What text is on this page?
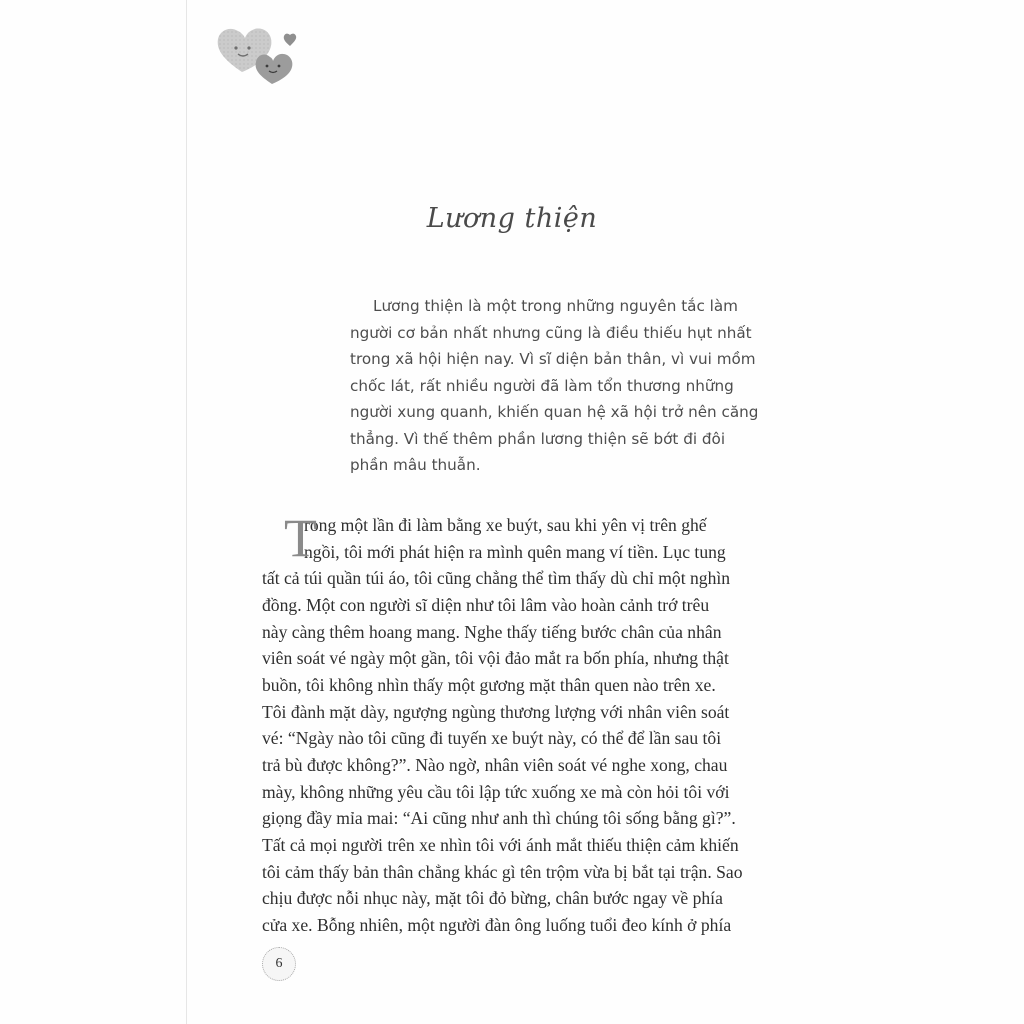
Lương thiện
Lương thiện là một trong những nguyên tắc làm
người cơ bản nhất nhưng cũng là điều thiếu hụt nhất
trong xã hội hiện nay. Vì sĩ diện bản thân, vì vui mồm
chốc lát, rất nhiều người đã làm tổn thương những
người xung quanh, khiến quan hệ xã hội trở nên căng
thẳng. Vì thế thêm phần lương thiện sẽ bớt đi đôi
phần mâu thuẫn.
T
rong một lần đi làm bằng xe buýt, sau khi yên vị trên ghế
ngồi, tôi mới phát hiện ra mình quên mang ví tiền. Lục tung
tất cả túi quần túi áo, tôi cũng chẳng thể tìm thấy dù chỉ một nghìn
đồng. Một con người sĩ diện như tôi lâm vào hoàn cảnh trớ trêu
này càng thêm hoang mang. Nghe thấy tiếng bước chân của nhân
viên soát vé ngày một gần, tôi vội đảo mắt ra bốn phía, nhưng thật
buồn, tôi không nhìn thấy một gương mặt thân quen nào trên xe.
Tôi đành mặt dày, ngượng ngùng thương lượng với nhân viên soát
vé: “Ngày nào tôi cũng đi tuyến xe buýt này, có thể để lần sau tôi
trả bù được không?”. Nào ngờ, nhân viên soát vé nghe xong, chau
mày, không những yêu cầu tôi lập tức xuống xe mà còn hỏi tôi với
giọng đầy mỉa mai: “Ai cũng như anh thì chúng tôi sống bằng gì?”.
Tất cả mọi người trên xe nhìn tôi với ánh mắt thiếu thiện cảm khiến
tôi cảm thấy bản thân chẳng khác gì tên trộm vừa bị bắt tại trận. Sao
chịu được nỗi nhục này, mặt tôi đỏ bừng, chân bước ngay về phía
cửa xe. Bỗng nhiên, một người đàn ông luống tuổi đeo kính ở phía
6
